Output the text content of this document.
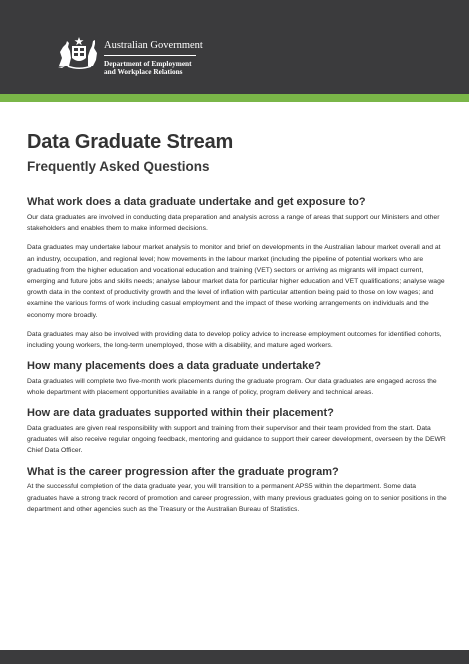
Australian Government
Department of Employment
and Workplace Relations
Data Graduate Stream
Frequently Asked Questions
What work does a data graduate undertake and get exposure to?

Our data graduates are involved in conducting data preparation and analysis across a range of areas that support our Ministers and other stakeholders and enables them to make informed decisions.

Data graduates may undertake labour market analysis to monitor and brief on developments in the Australian labour market overall and at an industry, occupation, and regional level; how movements in the labour market (including the pipeline of potential workers who are graduating from the higher education and vocational education and training (VET) sectors or arriving as migrants will impact current, emerging and future jobs and skills needs; analyse labour market data for particular higher education and VET qualifications; analyse wage growth data in the context of productivity growth and the level of inflation with particular attention being paid to those on low wages; and examine the various forms of work including casual employment and the impact of these working arrangements on individuals and the economy more broadly.

Data graduates may also be involved with providing data to develop policy advice to increase employment outcomes for identified cohorts, including young workers, the long-term unemployed, those with a disability, and mature aged workers.

How many placements does a data graduate undertake?

Data graduates will complete two five-month work placements during the graduate program. Our data graduates are engaged across the whole department with placement opportunities available in a range of policy, program delivery and technical areas.

How are data graduates supported within their placement?

Data graduates are given real responsibility with support and training from their supervisor and their team provided from the start. Data graduates will also receive regular ongoing feedback, mentoring and guidance to support their career development, overseen by the DEWR Chief Data Officer.

What is the career progression after the graduate program?

At the successful completion of the data graduate year, you will transition to a permanent APS5 within the department. Some data graduates have a strong track record of promotion and career progression, with many previous graduates going on to senior positions in the department and other agencies such as the Treasury or the Australian Bureau of Statistics.
